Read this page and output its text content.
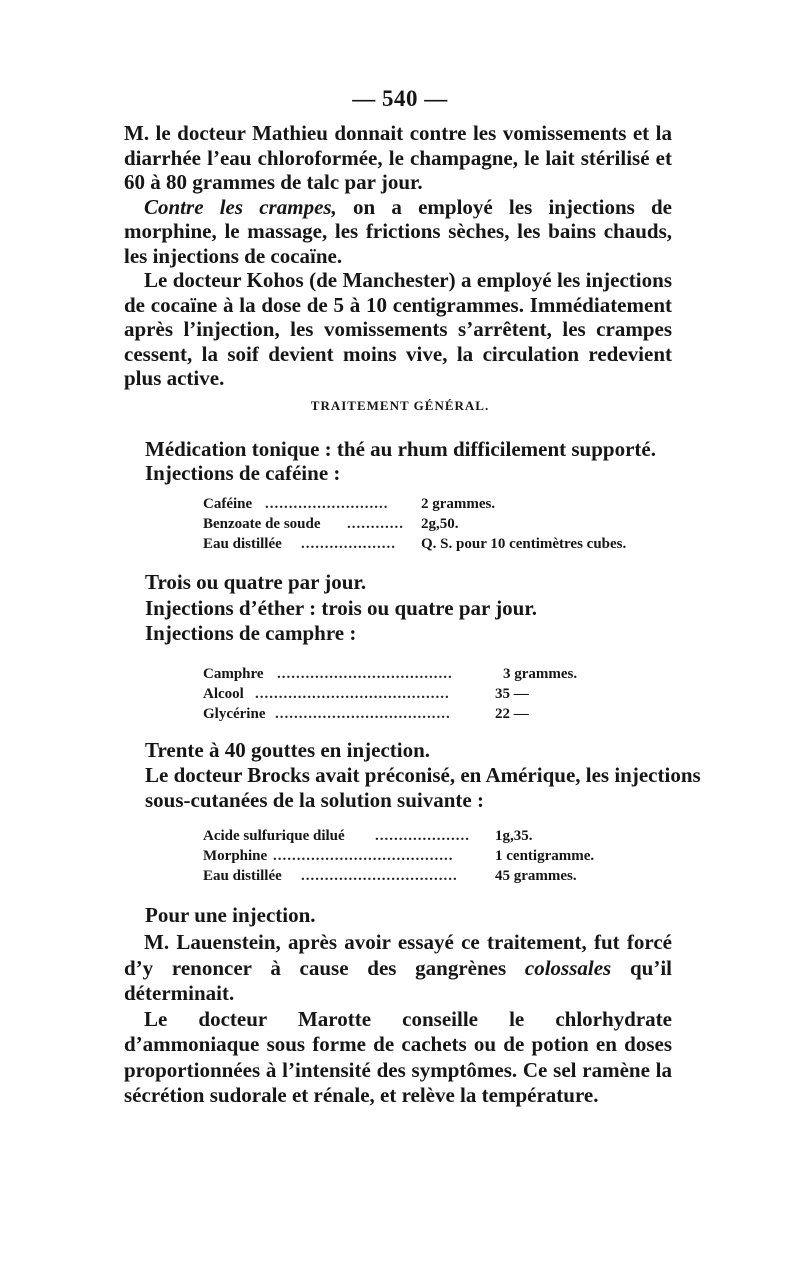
— 540 —

M. le docteur Mathieu donnait contre les vomissements et la diarrhée l’eau chloroformée, le champagne, le lait stérilisé et 60 à 80 grammes de talc par jour.

Contre les crampes, on a employé les injections de morphine, le massage, les frictions sèches, les bains chauds, les injections de cocaïne.

Le docteur Kohos (de Manchester) a employé les injections de cocaïne à la dose de 5 à 10 centigrammes. Immédiatement après l’injection, les vomissements s’arrêtent, les crampes cessent, la soif devient moins vive, la circulation redevient plus active.

TRAITEMENT GÉNÉRAL.
Médication tonique : thé au rhum difficilement supporté.
Injections de caféine :
Caféine ..........................	2 grammes.
Benzoate de soude ............	2g,50.
Eau distillée ....................	Q. S. pour 10 centimètres cubes.
Trois ou quatre par jour.
Injections d’éther : trois ou quatre par jour.
Injections de camphre :
Camphre .....................................	3 grammes.
Alcool .........................................	35 —
Glycérine .....................................	22 —
Trente à 40 gouttes en injection.
Le docteur Brocks avait préconisé, en Amérique, les injections
sous-cutanées de la solution suivante :
Acide sulfurique dilué ....................	1g,35.
Morphine ......................................	1 centigramme.
Eau distillée .................................	45 grammes.
Pour une injection.

M. Lauenstein, après avoir essayé ce traitement, fut forcé d’y renoncer à cause des gangrènes colossales qu’il déterminait.

Le docteur Marotte conseille le chlorhydrate d’ammoniaque sous forme de cachets ou de potion en doses proportionnées à l’intensité des symptômes. Ce sel ramène la sécrétion sudorale et rénale, et relève la température.
